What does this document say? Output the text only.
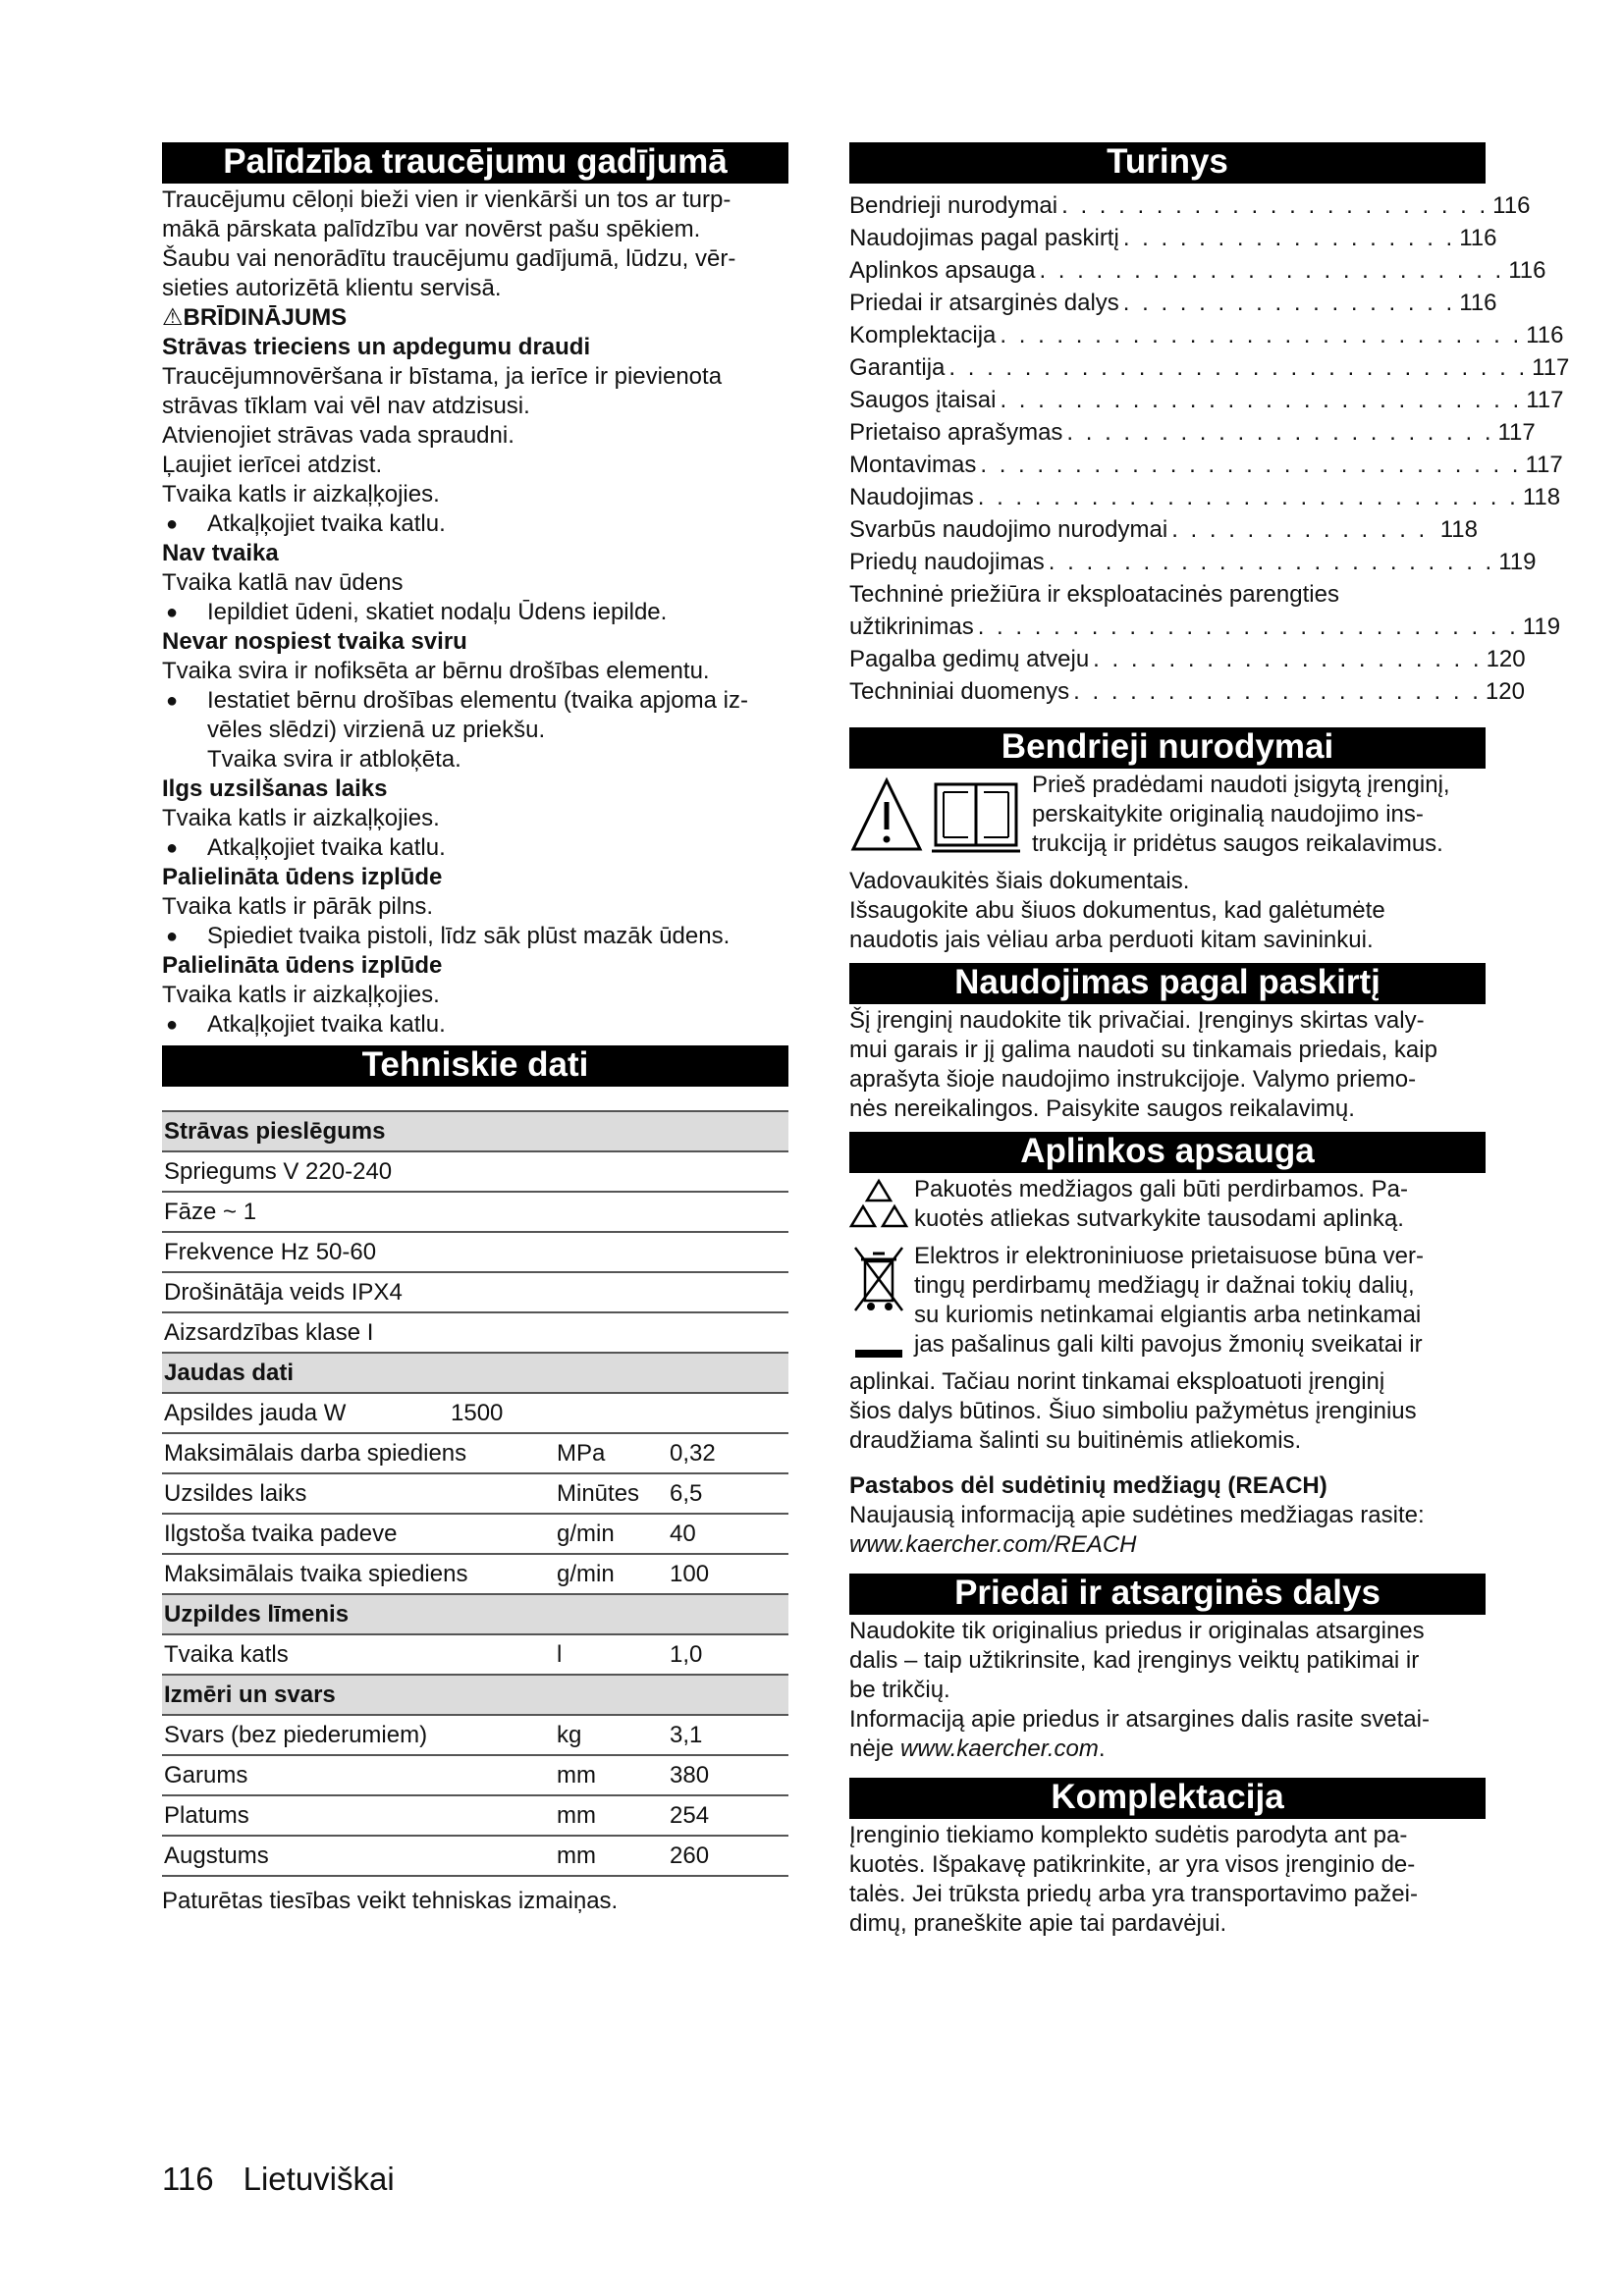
Palīdzība traucējumu gadījumā

Traucējumu cēloņi bieži vien ir vienkārši un tos ar turp-

mākā pārskata palīdzību var novērst pašu spēkiem.

Šaubu vai nenorādītu traucējumu gadījumā, lūdzu, vēr-

sieties autorizētā klientu servisā.

⚠BRĪDINĀJUMS

Strāvas trieciens un apdegumu draudi

Traucējumnovēršana ir bīstama, ja ierīce ir pievienota

strāvas tīklam vai vēl nav atdzisusi.

Atvienojiet strāvas vada spraudni.

Ļaujiet ierīcei atdzist.

Tvaika katls ir aizkaļķojies.

● Atkaļķojiet tvaika katlu.

Nav tvaika

Tvaika katlā nav ūdens

● Iepildiet ūdeni, skatiet nodaļu Ūdens iepilde.

Nevar nospiest tvaika sviru

Tvaika svira ir nofiksēta ar bērnu drošības elementu.

● Iestatiet bērnu drošības elementu (tvaika apjoma iz-

vēles slēdzi) virzienā uz priekšu.

Tvaika svira ir atbloķēta.

Ilgs uzsilšanas laiks

Tvaika katls ir aizkaļķojies.

● Atkaļķojiet tvaika katlu.

Palielināta ūdens izplūde

Tvaika katls ir pārāk pilns.

● Spiediet tvaika pistoli, līdz sāk plūst mazāk ūdens.

Palielināta ūdens izplūde

Tvaika katls ir aizkaļķojies.

● Atkaļķojiet tvaika katlu.

Tehniskie dati
Strāvas pieslēgums		
Spriegums V 220-240		
Fāze ~ 1		
Frekvence Hz 50-60		
Drošinātāja veids IPX4		
Aizsardzības klase I		
Jaudas dati		
Apsildes jauda W 1500		
Maksimālais darba spiediens	MPa	0,32
Uzsildes laiks	Minūtes	6,5
Ilgstoša tvaika padeve	g/min	40
Maksimālais tvaika spiediens	g/min	100
Uzpildes līmenis		
Tvaika katls	l	1,0
Izmēri un svars		
Svars (bez piederumiem)	kg	3,1
Garums	mm	380
Platums	mm	254
Augstums	mm	260

Paturētas tiesības veikt tehniskas izmaiņas.

Turinys
Bendrieji nurodymai . . . . . . . . . . . . . . . . . . . . . . . 116
Naudojimas pagal paskirtį . . . . . . . . . . . . . . . . . . 116
Aplinkos apsauga . . . . . . . . . . . . . . . . . . . . . . . . . 116
Priedai ir atsarginės dalys . . . . . . . . . . . . . . . . . . 116
Komplektacija . . . . . . . . . . . . . . . . . . . . . . . . . . . . 116
Garantija . . . . . . . . . . . . . . . . . . . . . . . . . . . . . . . 117
Saugos įtaisai . . . . . . . . . . . . . . . . . . . . . . . . . . . . 117
Prietaiso aprašymas . . . . . . . . . . . . . . . . . . . . . . . 117
Montavimas . . . . . . . . . . . . . . . . . . . . . . . . . . . . . 117
Naudojimas . . . . . . . . . . . . . . . . . . . . . . . . . . . . . 118
Svarbūs naudojimo nurodymai . . . . . . . . . . . . . . 118
Priedų naudojimas . . . . . . . . . . . . . . . . . . . . . . . . 119
Techninė priežiūra ir eksploatacinės parengties
užtikrinimas . . . . . . . . . . . . . . . . . . . . . . . . . . . . . 119
Pagalba gedimų atveju . . . . . . . . . . . . . . . . . . . . . 120
Techniniai duomenys . . . . . . . . . . . . . . . . . . . . . . 120
Bendrieji nurodymai

Prieš pradėdami naudoti įsigytą įrenginį,

perskaitykite originalią naudojimo ins-

trukciją ir pridėtus saugos reikalavimus.

Vadovaukitės šiais dokumentais.

Išsaugokite abu šiuos dokumentus, kad galėtumėte

naudotis jais vėliau arba perduoti kitam savininkui.

Naudojimas pagal paskirtį

Šį įrenginį naudokite tik privačiai. Įrenginys skirtas valy-

mui garais ir jį galima naudoti su tinkamais priedais, kaip

aprašyta šioje naudojimo instrukcijoje. Valymo priemo-

nės nereikalingos. Paisykite saugos reikalavimų.

Aplinkos apsauga

Pakuotės medžiagos gali būti perdirbamos. Pa-

kuotės atliekas sutvarkykite tausodami aplinką.

Elektros ir elektroniniuose prietaisuose būna ver-

tingų perdirbamų medžiagų ir dažnai tokių dalių,

su kuriomis netinkamai elgiantis arba netinkamai

jas pašalinus gali kilti pavojus žmonių sveikatai ir

aplinkai. Tačiau norint tinkamai eksploatuoti įrenginį

šios dalys būtinos. Šiuo simboliu pažymėtus įrenginius

draudžiama šalinti su buitinėmis atliekomis.

Pastabos dėl sudėtinių medžiagų (REACH)

Naujausią informaciją apie sudėtines medžiagas rasite:

www.kaercher.com/REACH

Priedai ir atsarginės dalys

Naudokite tik originalius priedus ir originalas atsargines

dalis – taip užtikrinsite, kad įrenginys veiktų patikimai ir

be trikčių.

Informaciją apie priedus ir atsargines dalis rasite svetai-

nėje www.kaercher.com.

Komplektacija

Įrenginio tiekiamo komplekto sudėtis parodyta ant pa-

kuotės. Išpakavę patikrinkite, ar yra visos įrenginio de-

talės. Jei trūksta priedų arba yra transportavimo pažei-

dimų, praneškite apie tai pardavėjui.

116 Lietuviškai
